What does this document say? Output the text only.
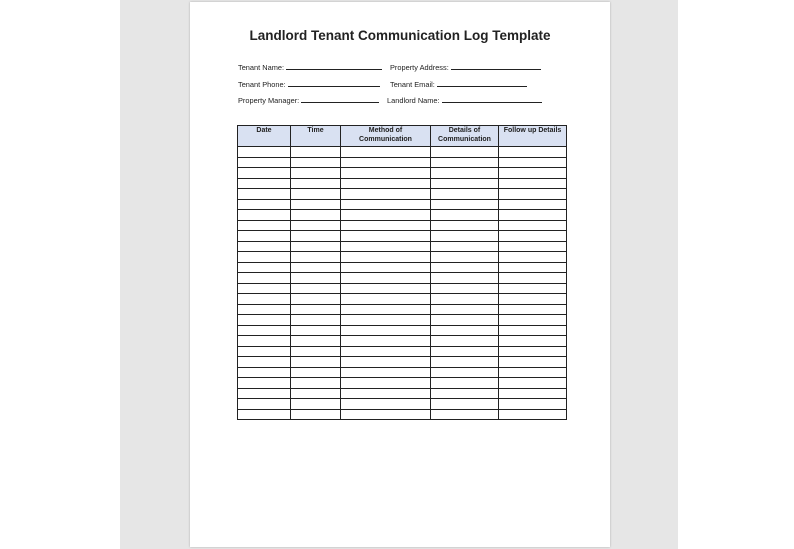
Landlord Tenant Communication Log Template
Tenant Name:	Property Address:
Tenant Phone:	Tenant Email:
Property Manager:	Landlord Name:
Date	Time	Method of Communication	Details of Communication	Follow up Details
